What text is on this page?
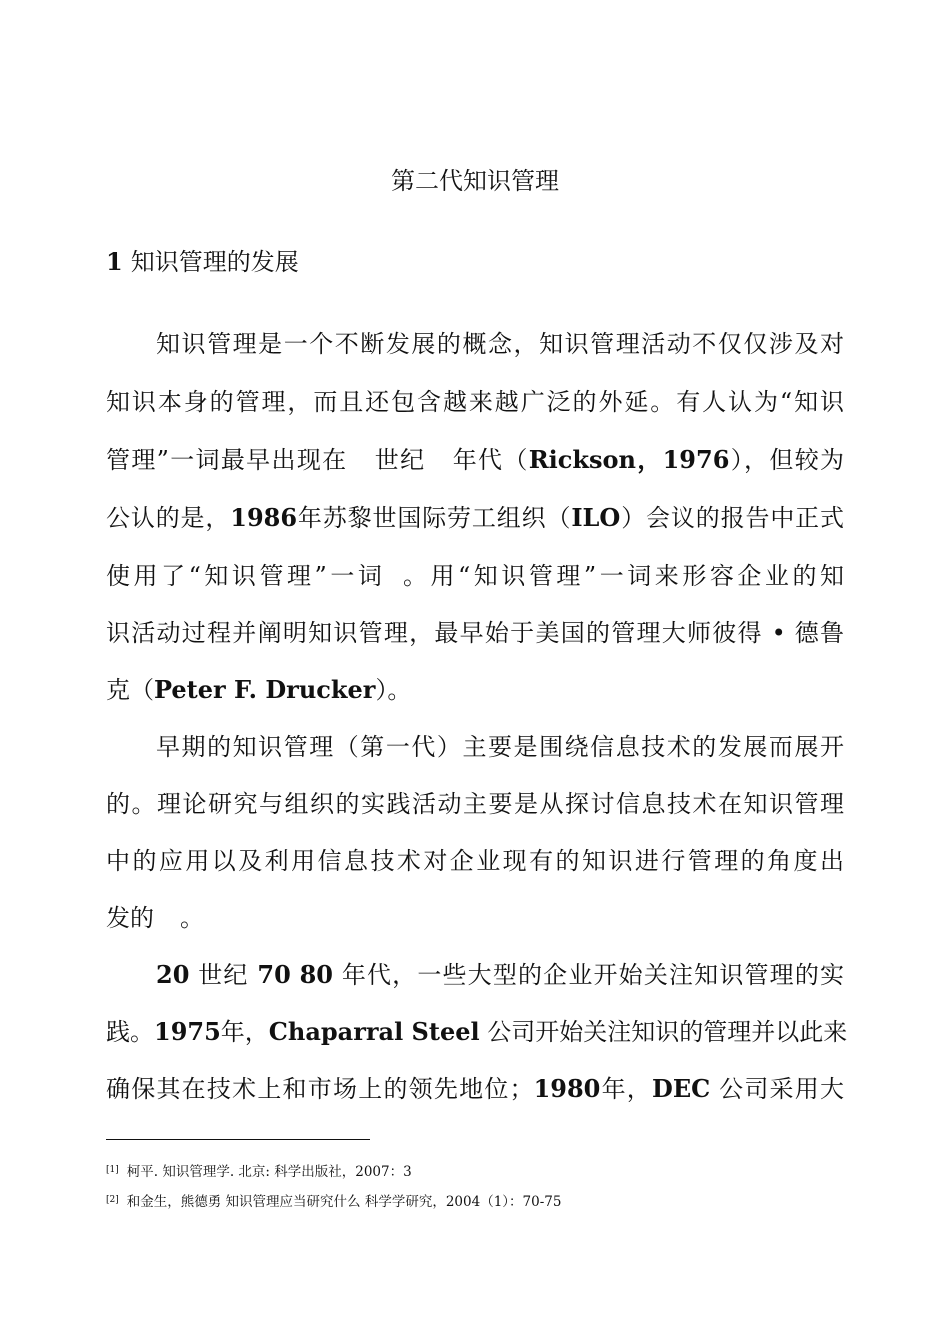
第二代知识管理
1 知识管理的发展
知识管理是一个不断发展的概念，知识管理活动不仅仅涉及对
知识本身的管理，而且还包含越来越广泛的外延。有人认为“知识
管理”一词最早出现在 世纪 年代（Rickson，1976），但较为
公认的是，1986年苏黎世国际劳工组织（ILO）会议的报告中正式
使用了“知识管理”一词 。用“知识管理”一词来形容企业的知
识活动过程并阐明知识管理，最早始于美国的管理大师彼得 • 德鲁
克（Peter F. Drucker）。
早期的知识管理（第一代）主要是围绕信息技术的发展而展开
的。理论研究与组织的实践活动主要是从探讨信息技术在知识管理
中的应用以及利用信息技术对企业现有的知识进行管理的角度出
发的 。
20 世纪 70 80 年代，一些大型的企业开始关注知识管理的实
践。1975年，Chaparral Steel 公司开始关注知识的管理并以此来
确保其在技术上和市场上的领先地位；1980年，DEC 公司采用大
[1] 柯平. 知识管理学. 北京: 科学出版社，2007：3
[2] 和金生，熊德勇 知识管理应当研究什么 科学学研究，2004（1）：70-75
